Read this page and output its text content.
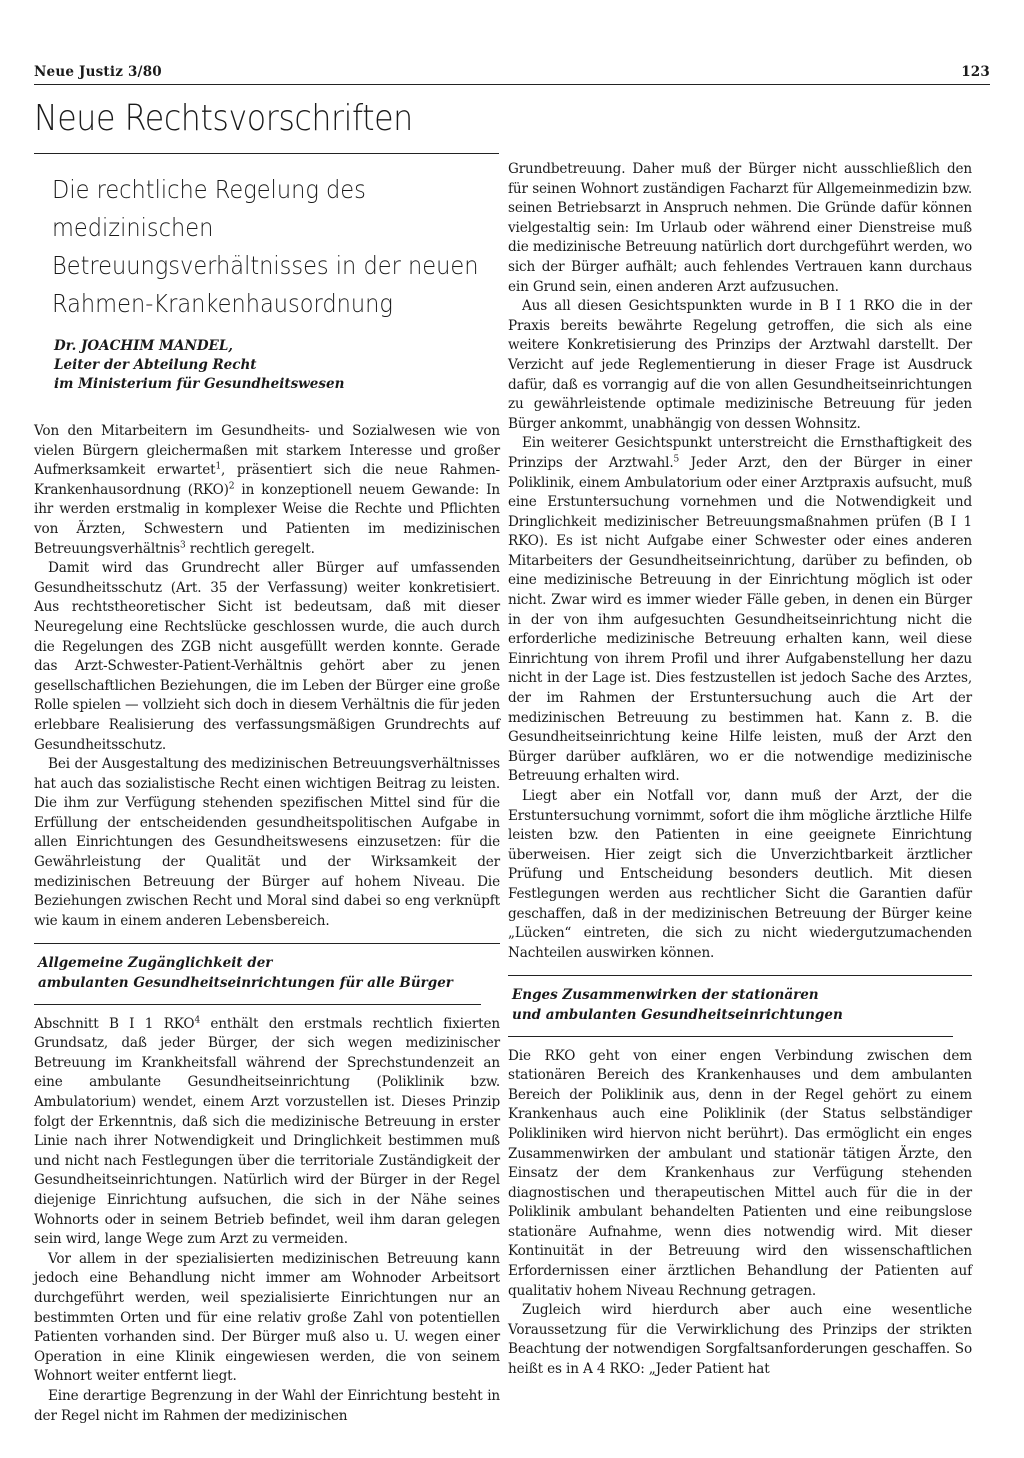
Neue Justiz 3/80	123
Neue Rechtsvorschriften
Die rechtliche Regelung des medizinischen
Betreuungsverhältnisses in der neuen
Rahmen-Krankenhausordnung
Dr. JOACHIM MANDEL,
Leiter der Abteilung Recht
im Ministerium für Gesundheitswesen

Von den Mitarbeitern im Gesundheits- und Sozialwesen wie von vielen Bürgern gleichermaßen mit starkem Interesse und großer Aufmerksamkeit erwartet$^1$, präsentiert sich die neue Rahmen-Krankenhausordnung (RKO)$^2$ in konzeptionell neuem Gewande: In ihr werden erstmalig in komplexer Weise die Rechte und Pflichten von Ärzten, Schwestern und Patienten im medizinischen Betreuungsverhältnis$^3$ rechtlich geregelt.

Damit wird das Grundrecht aller Bürger auf umfassenden Gesundheitsschutz (Art. 35 der Verfassung) weiter konkretisiert. Aus rechtstheoretischer Sicht ist bedeutsam, daß mit dieser Neuregelung eine Rechtslücke geschlossen wurde, die auch durch die Regelungen des ZGB nicht ausgefüllt werden konnte. Gerade das Arzt-Schwester-Patient-Verhältnis gehört aber zu jenen gesellschaftlichen Beziehungen, die im Leben der Bürger eine große Rolle spielen — vollzieht sich doch in diesem Verhältnis die für jeden erlebbare Realisierung des verfassungsmäßigen Grundrechts auf Gesundheitsschutz.

Bei der Ausgestaltung des medizinischen Betreuungsverhältnisses hat auch das sozialistische Recht einen wichtigen Beitrag zu leisten. Die ihm zur Verfügung stehenden spezifischen Mittel sind für die Erfüllung der entscheidenden gesundheitspolitischen Aufgabe in allen Einrichtungen des Gesundheitswesens einzusetzen: für die Gewährleistung der Qualität und der Wirksamkeit der medizinischen Betreuung der Bürger auf hohem Niveau. Die Beziehungen zwischen Recht und Moral sind dabei so eng verknüpft wie kaum in einem anderen Lebensbereich.

Allgemeine Zugänglichkeit der
ambulanten Gesundheitseinrichtungen für alle Bürger

Abschnitt B I 1 RKO$^4$ enthält den erstmals rechtlich fixierten Grundsatz, daß jeder Bürger, der sich wegen medizinischer Betreuung im Krankheitsfall während der Sprechstundenzeit an eine ambulante Gesundheitseinrichtung (Poliklinik bzw. Ambulatorium) wendet, einem Arzt vorzustellen ist. Dieses Prinzip folgt der Erkenntnis, daß sich die medizinische Betreuung in erster Linie nach ihrer Notwendigkeit und Dringlichkeit bestimmen muß und nicht nach Festlegungen über die territoriale Zuständigkeit der Gesundheitseinrichtungen. Natürlich wird der Bürger in der Regel diejenige Einrichtung aufsuchen, die sich in der Nähe seines Wohnorts oder in seinem Betrieb befindet, weil ihm daran gelegen sein wird, lange Wege zum Arzt zu vermeiden.

Vor allem in der spezialisierten medizinischen Betreuung kann jedoch eine Behandlung nicht immer am Wohnoder Arbeitsort durchgeführt werden, weil spezialisierte Einrichtungen nur an bestimmten Orten und für eine relativ große Zahl von potentiellen Patienten vorhanden sind. Der Bürger muß also u. U. wegen einer Operation in eine Klinik eingewiesen werden, die von seinem Wohnort weiter entfernt liegt.

Eine derartige Begrenzung in der Wahl der Einrichtung besteht in der Regel nicht im Rahmen der medizinischen

Grundbetreuung. Daher muß der Bürger nicht ausschließlich den für seinen Wohnort zuständigen Facharzt für Allgemeinmedizin bzw. seinen Betriebsarzt in Anspruch nehmen. Die Gründe dafür können vielgestaltig sein: Im Urlaub oder während einer Dienstreise muß die medizinische Betreuung natürlich dort durchgeführt werden, wo sich der Bürger aufhält; auch fehlendes Vertrauen kann durchaus ein Grund sein, einen anderen Arzt aufzusuchen.

Aus all diesen Gesichtspunkten wurde in B I 1 RKO die in der Praxis bereits bewährte Regelung getroffen, die sich als eine weitere Konkretisierung des Prinzips der Arztwahl darstellt. Der Verzicht auf jede Reglementierung in dieser Frage ist Ausdruck dafür, daß es vorrangig auf die von allen Gesundheitseinrichtungen zu gewährleistende optimale medizinische Betreuung für jeden Bürger ankommt, unabhängig von dessen Wohnsitz.

Ein weiterer Gesichtspunkt unterstreicht die Ernsthaftigkeit des Prinzips der Arztwahl.$^5$ Jeder Arzt, den der Bürger in einer Poliklinik, einem Ambulatorium oder einer Arztpraxis aufsucht, muß eine Erstuntersuchung vornehmen und die Notwendigkeit und Dringlichkeit medizinischer Betreuungsmaßnahmen prüfen (B I 1 RKO). Es ist nicht Aufgabe einer Schwester oder eines anderen Mitarbeiters der Gesundheitseinrichtung, darüber zu befinden, ob eine medizinische Betreuung in der Einrichtung möglich ist oder nicht. Zwar wird es immer wieder Fälle geben, in denen ein Bürger in der von ihm aufgesuchten Gesundheitseinrichtung nicht die erforderliche medizinische Betreuung erhalten kann, weil diese Einrichtung von ihrem Profil und ihrer Aufgabenstellung her dazu nicht in der Lage ist. Dies festzustellen ist jedoch Sache des Arztes, der im Rahmen der Erstuntersuchung auch die Art der medizinischen Betreuung zu bestimmen hat. Kann z. B. die Gesundheitseinrichtung keine Hilfe leisten, muß der Arzt den Bürger darüber aufklären, wo er die notwendige medizinische Betreuung erhalten wird.

Liegt aber ein Notfall vor, dann muß der Arzt, der die Erstuntersuchung vornimmt, sofort die ihm mögliche ärztliche Hilfe leisten bzw. den Patienten in eine geeignete Einrichtung überweisen. Hier zeigt sich die Unverzichtbarkeit ärztlicher Prüfung und Entscheidung besonders deutlich. Mit diesen Festlegungen werden aus rechtlicher Sicht die Garantien dafür geschaffen, daß in der medizinischen Betreuung der Bürger keine „Lücken“ eintreten, die sich zu nicht wiedergutzumachenden Nachteilen auswirken können.

Enges Zusammenwirken der stationären
und ambulanten Gesundheitseinrichtungen

Die RKO geht von einer engen Verbindung zwischen dem stationären Bereich des Krankenhauses und dem ambulanten Bereich der Poliklinik aus, denn in der Regel gehört zu einem Krankenhaus auch eine Poliklinik (der Status selbständiger Polikliniken wird hiervon nicht berührt). Das ermöglicht ein enges Zusammenwirken der ambulant und stationär tätigen Ärzte, den Einsatz der dem Krankenhaus zur Verfügung stehenden diagnostischen und therapeutischen Mittel auch für die in der Poliklinik ambulant behandelten Patienten und eine reibungslose stationäre Aufnahme, wenn dies notwendig wird. Mit dieser Kontinuität in der Betreuung wird den wissenschaftlichen Erfordernissen einer ärztlichen Behandlung der Patienten auf qualitativ hohem Niveau Rechnung getragen.

Zugleich wird hierdurch aber auch eine wesentliche Voraussetzung für die Verwirklichung des Prinzips der strikten Beachtung der notwendigen Sorgfaltsanforderungen geschaffen. So heißt es in A 4 RKO: „Jeder Patient hat
